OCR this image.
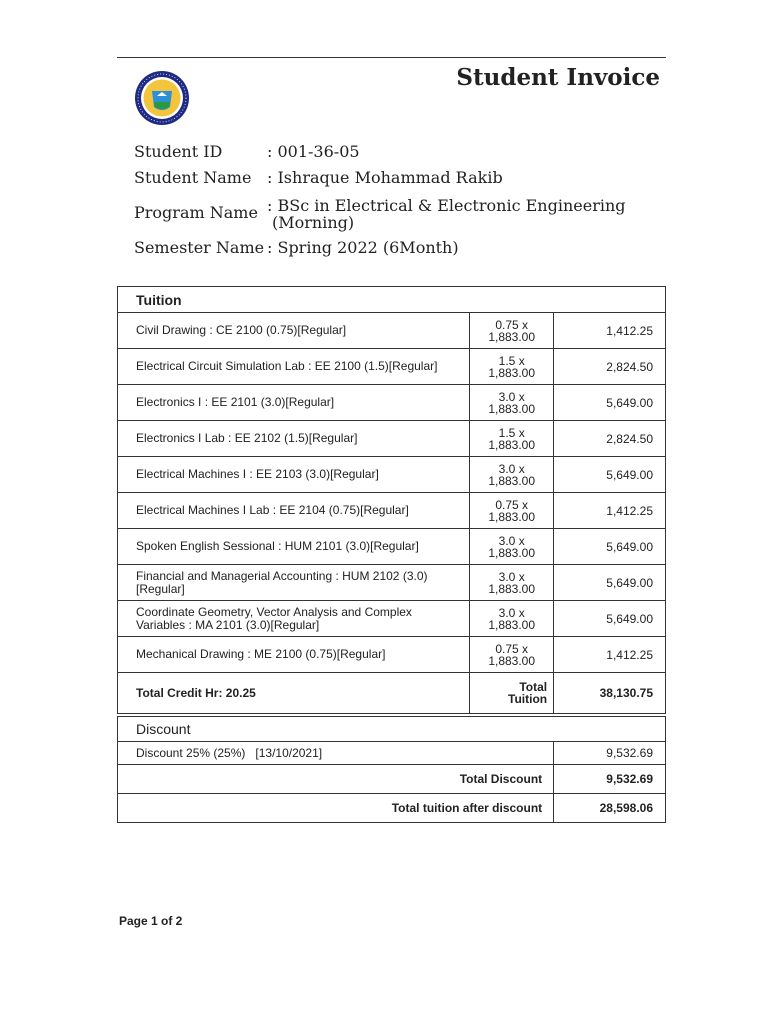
Student Invoice
Student ID	: 001-36-05
Student Name : Ishraque Mohammad Rakib
Program Name : BSc in Electrical & Electronic Engineering
(Morning)
Semester Name : Spring 2022 (6Month)
Tuition		
Civil Drawing : CE 2100 (0.75)[Regular]	0.75 x
1,883.00	1,412.25
Electrical Circuit Simulation Lab : EE 2100 (1.5)[Regular]	1.5 x
1,883.00	2,824.50
Electronics I : EE 2101 (3.0)[Regular]	3.0 x
1,883.00	5,649.00
Electronics I Lab : EE 2102 (1.5)[Regular]	1.5 x
1,883.00	2,824.50
Electrical Machines I : EE 2103 (3.0)[Regular]	3.0 x
1,883.00	5,649.00
Electrical Machines I Lab : EE 2104 (0.75)[Regular]	0.75 x
1,883.00	1,412.25
Spoken English Sessional : HUM 2101 (3.0)[Regular]	3.0 x
1,883.00	5,649.00
Financial and Managerial Accounting : HUM 2102 (3.0)
[Regular]	3.0 x
1,883.00	5,649.00
Coordinate Geometry, Vector Analysis and Complex
Variables : MA 2101 (3.0)[Regular]	3.0 x
1,883.00	5,649.00
Mechanical Drawing : ME 2100 (0.75)[Regular]	0.75 x
1,883.00	1,412.25
Total Credit Hr: 20.25	Total
Tuition	38,130.75
Discount	
Discount 25% (25%)   [13/10/2021]	9,532.69
Total Discount	9,532.69
Total tuition after discount	28,598.06
Page 1 of 2
